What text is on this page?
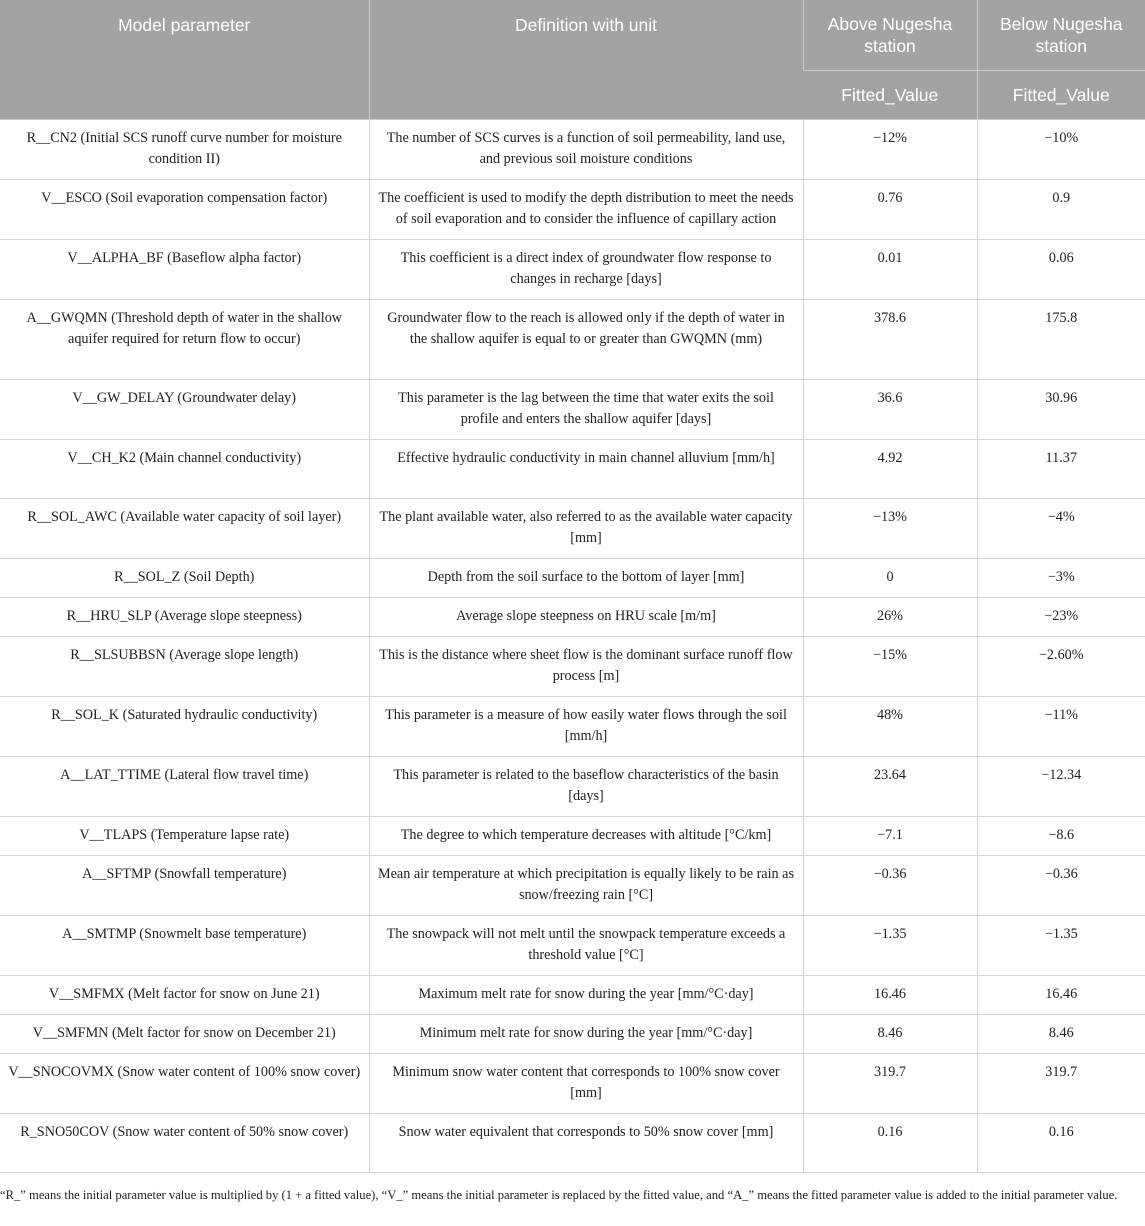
Model parameter	Definition with unit	Above Nugesha station	Below Nugesha station
		Fitted_Value	Fitted_Value
R__CN2 (Initial SCS runoff curve number for moisture condition II)	The number of SCS curves is a function of soil permeability, land use, and previous soil moisture conditions	−12%	−10%
V__ESCO (Soil evaporation compensation factor)	The coefficient is used to modify the depth distribution to meet the needs of soil evaporation and to consider the influence of capillary action	0.76	0.9
V__ALPHA_BF (Baseflow alpha factor)	This coefficient is a direct index of groundwater flow response to changes in recharge [days]	0.01	0.06
A__GWQMN (Threshold depth of water in the shallow aquifer required for return flow to occur)	Groundwater flow to the reach is allowed only if the depth of water in the shallow aquifer is equal to or greater than GWQMN (mm)	378.6	175.8
V__GW_DELAY (Groundwater delay)	This parameter is the lag between the time that water exits the soil profile and enters the shallow aquifer [days]	36.6	30.96
V__CH_K2 (Main channel conductivity)	Effective hydraulic conductivity in main channel alluvium [mm/h]	4.92	11.37
R__SOL_AWC (Available water capacity of soil layer)	The plant available water, also referred to as the available water capacity [mm]	−13%	−4%
R__SOL_Z (Soil Depth)	Depth from the soil surface to the bottom of layer [mm]	0	−3%
R__HRU_SLP (Average slope steepness)	Average slope steepness on HRU scale [m/m]	26%	−23%
R__SLSUBBSN (Average slope length)	This is the distance where sheet flow is the dominant surface runoff flow process [m]	−15%	−2.60%
R__SOL_K (Saturated hydraulic conductivity)	This parameter is a measure of how easily water flows through the soil [mm/h]	48%	−11%
A__LAT_TTIME (Lateral flow travel time)	This parameter is related to the baseflow characteristics of the basin [days]	23.64	−12.34
V__TLAPS (Temperature lapse rate)	The degree to which temperature decreases with altitude [°C/km]	−7.1	−8.6
A__SFTMP (Snowfall temperature)	Mean air temperature at which precipitation is equally likely to be rain as snow/freezing rain [°C]	−0.36	−0.36
A__SMTMP (Snowmelt base temperature)	The snowpack will not melt until the snowpack temperature exceeds a threshold value [°C]	−1.35	−1.35
V__SMFMX (Melt factor for snow on June 21)	Maximum melt rate for snow during the year [mm/°C·day]	16.46	16.46
V__SMFMN (Melt factor for snow on December 21)	Minimum melt rate for snow during the year [mm/°C·day]	8.46	8.46
V__SNOCOVMX (Snow water content of 100% snow cover)	Minimum snow water content that corresponds to 100% snow cover [mm]	319.7	319.7
R_SNO50COV (Snow water content of 50% snow cover)	Snow water equivalent that corresponds to 50% snow cover [mm]	0.16	0.16
“R_” means the initial parameter value is multiplied by (1 + a fitted value), “V_” means the initial parameter is replaced by the fitted value, and “A_” means the fitted parameter value is added to the initial parameter value.
